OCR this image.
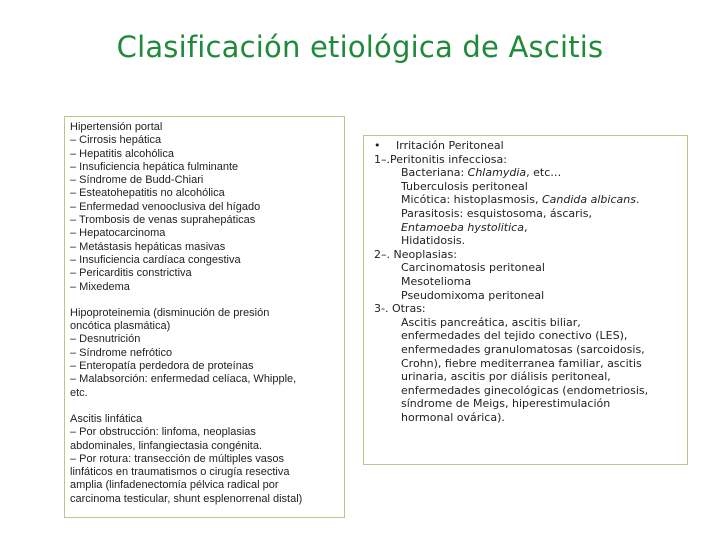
Clasificación etiológica de Ascitis
Hipertensión portal
– Cirrosis hepática
– Hepatitis alcohólica
– Insuficiencia hepática fulminante
– Síndrome de Budd-Chiari
– Esteatohepatitis no alcohólica
– Enfermedad venooclusiva del hígado
– Trombosis de venas suprahepáticas
– Hepatocarcinoma
– Metástasis hepáticas masivas
– Insuficiencia cardíaca congestiva
– Pericarditis constrictiva
– Mixedema
Hipoproteinemia (disminución de presión
oncótica plasmática)
– Desnutrición
– Síndrome nefrótico
– Enteropatía perdedora de proteínas
– Malabsorción: enfermedad celíaca, Whipple,
etc.
Ascitis linfática
– Por obstrucción: linfoma, neoplasias
abdominales, linfangiectasia congénita.
– Por rotura: transección de múltiples vasos
linfáticos en traumatismos o cirugía resectiva
amplia (linfadenectomía pélvica radical por
carcinoma testicular, shunt esplenorrenal distal)
• Irritación Peritoneal
1–.Peritonitis infecciosa:
Bacteriana: Chlamydia, etc…
Tuberculosis peritoneal
Micótica: histoplasmosis, Candida albicans.
Parasitosis: esquistosoma, áscaris,
Entamoeba hystolitica,
Hidatidosis.
2–. Neoplasias:
Carcinomatosis peritoneal
Mesotelioma
Pseudomixoma peritoneal
3-. Otras:
Ascitis pancreática, ascitis biliar,
enfermedades del tejido conectivo (LES),
enfermedades granulomatosas (sarcoidosis,
Crohn), fiebre mediterranea familiar, ascitis
urinaria, ascitis por diálisis peritoneal,
enfermedades ginecológicas (endometriosis,
síndrome de Meigs, hiperestimulación
hormonal ovárica).
